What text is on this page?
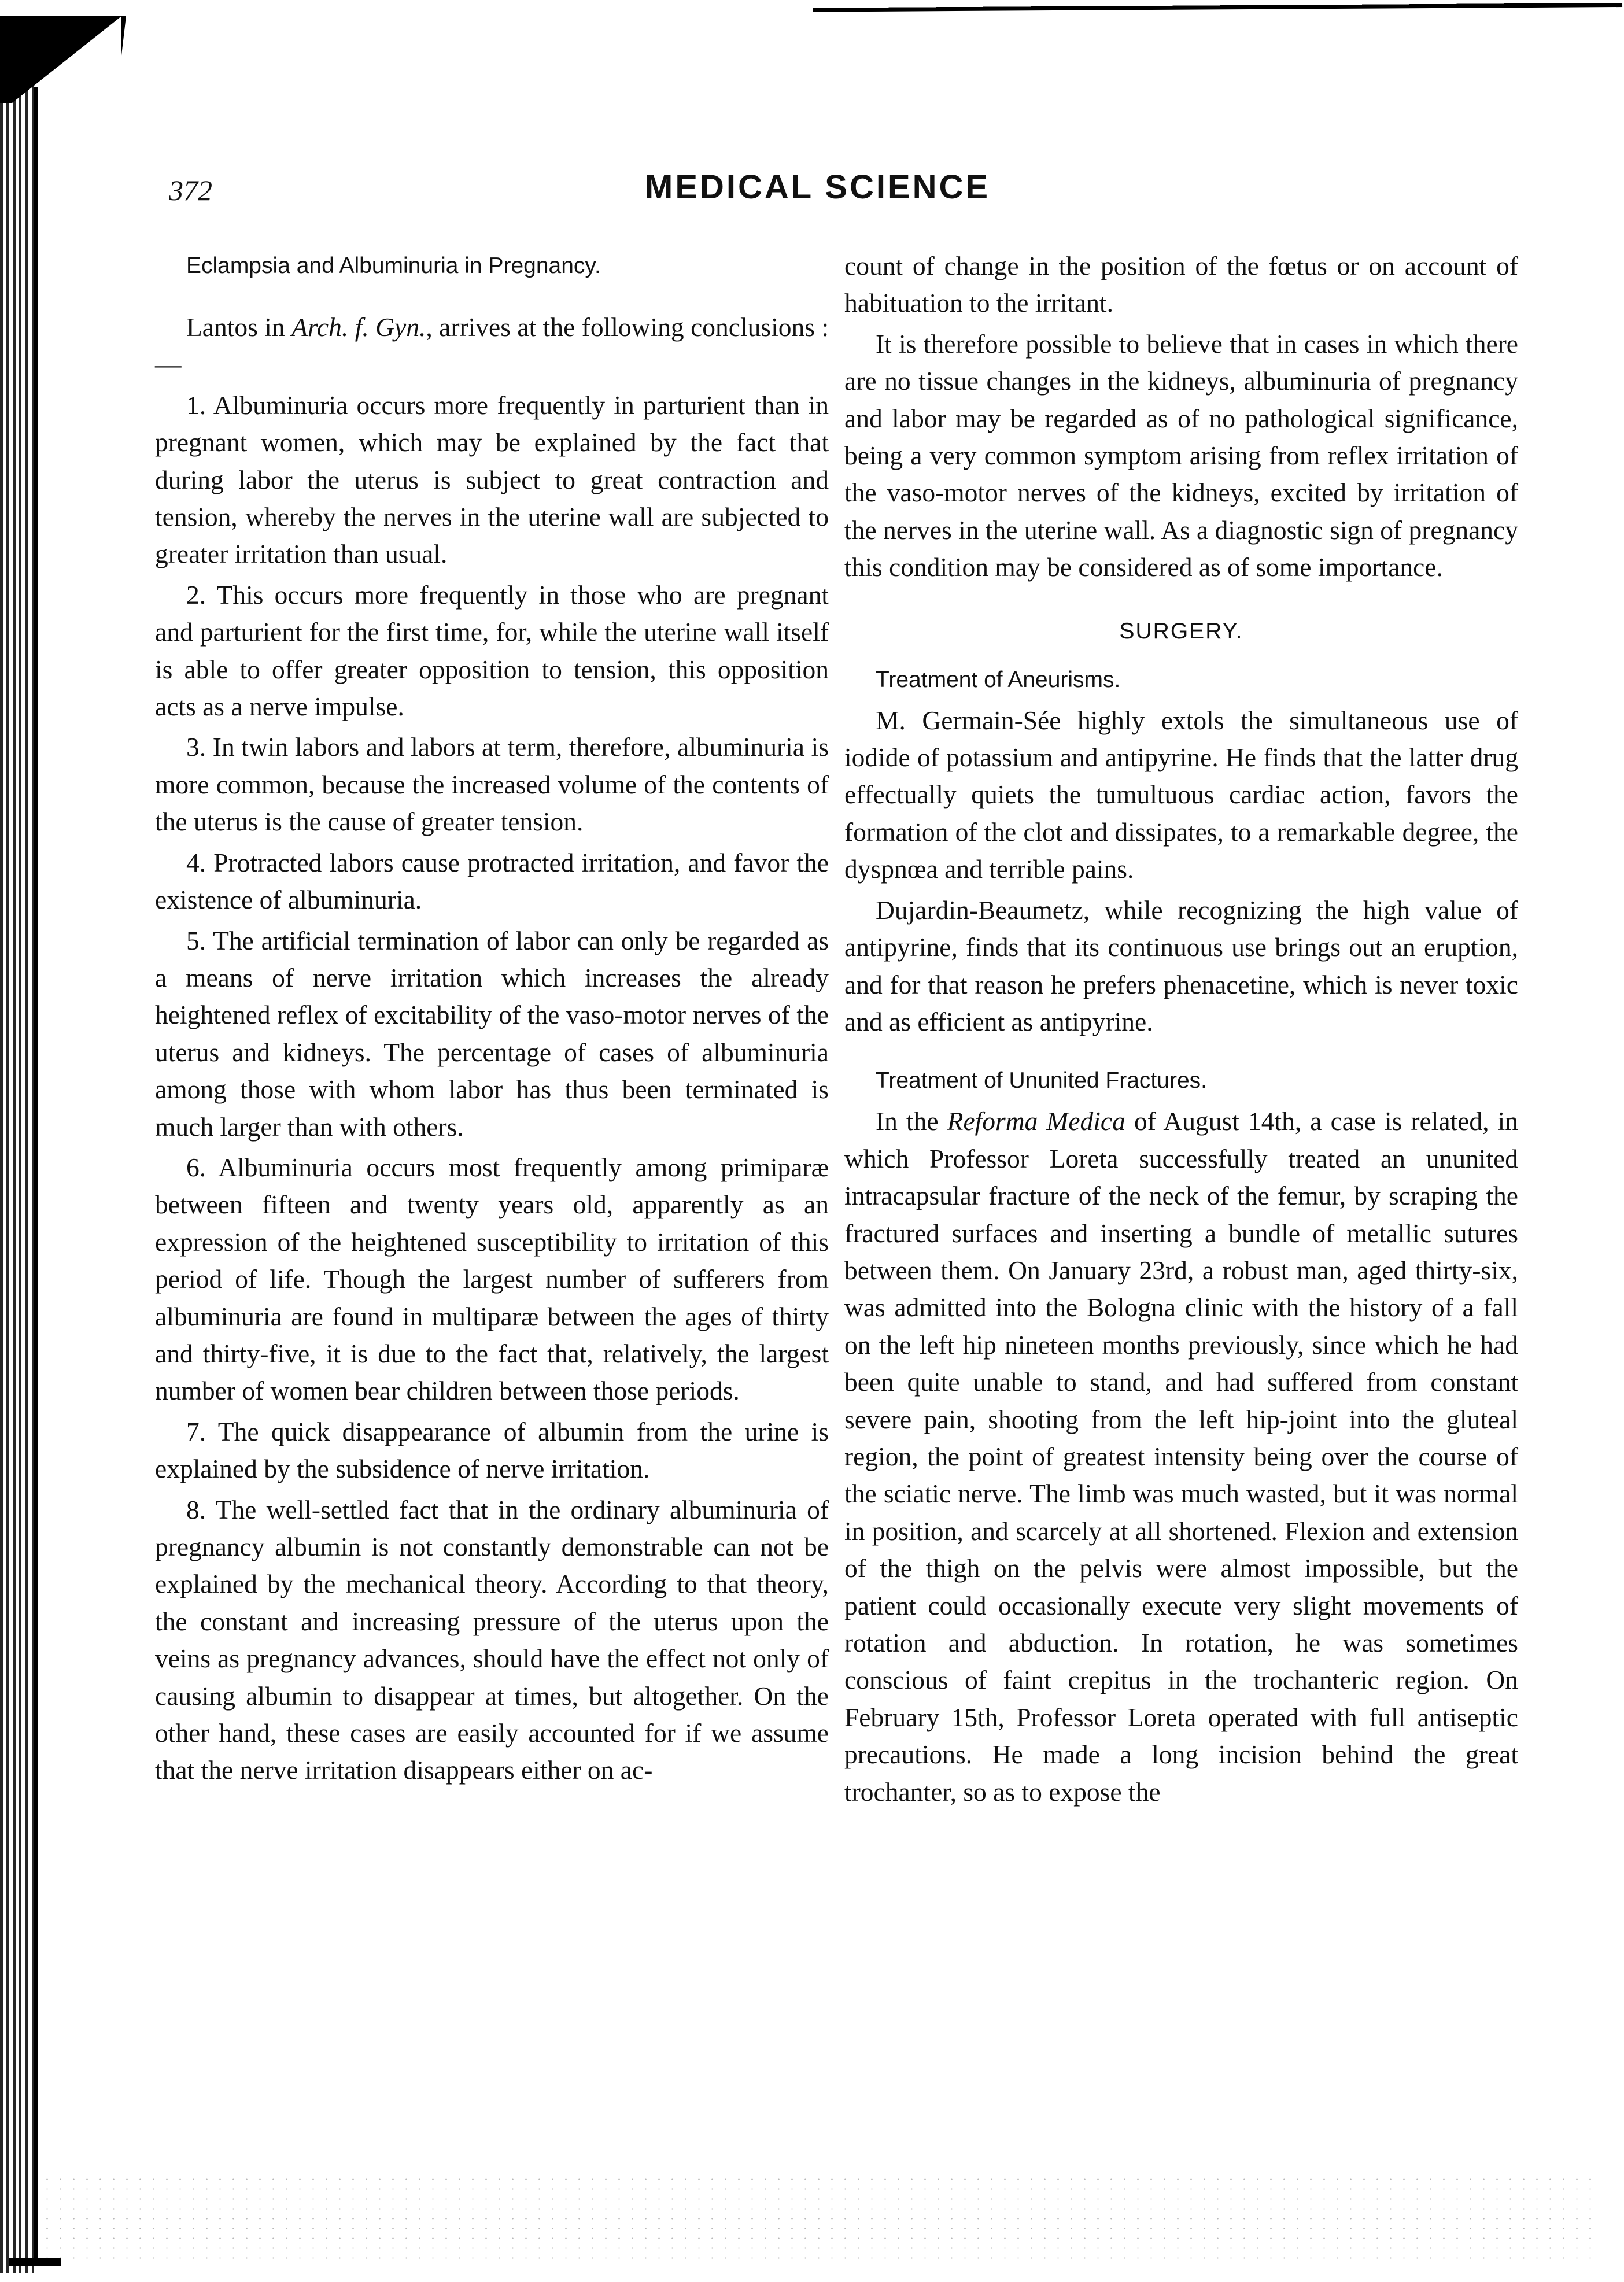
372	MEDICAL SCIENCE

Eclampsia and Albuminuria in Pregnancy.

Lantos in Arch. f. Gyn., arrives at the following conclusions :—

1. Albuminuria occurs more frequently in parturient than in pregnant women, which may be explained by the fact that during labor the uterus is subject to great contraction and tension, whereby the nerves in the uterine wall are subjected to greater irritation than usual.

2. This occurs more frequently in those who are pregnant and parturient for the first time, for, while the uterine wall itself is able to offer greater opposition to tension, this opposition acts as a nerve impulse.

3. In twin labors and labors at term, therefore, albuminuria is more common, because the increased volume of the contents of the uterus is the cause of greater tension.

4. Protracted labors cause protracted irritation, and favor the existence of albuminuria.

5. The artificial termination of labor can only be regarded as a means of nerve irritation which increases the already heightened reflex of excitability of the vaso-motor nerves of the uterus and kidneys. The percentage of cases of albuminuria among those with whom labor has thus been terminated is much larger than with others.

6. Albuminuria occurs most frequently among primiparæ between fifteen and twenty years old, apparently as an expression of the heightened susceptibility to irritation of this period of life. Though the largest number of sufferers from albuminuria are found in multiparæ between the ages of thirty and thirty-five, it is due to the fact that, relatively, the largest number of women bear children between those periods.

7. The quick disappearance of albumin from the urine is explained by the subsidence of nerve irritation.

8. The well-settled fact that in the ordinary albuminuria of pregnancy albumin is not constantly demonstrable can not be explained by the mechanical theory. According to that theory, the constant and increasing pressure of the uterus upon the veins as pregnancy advances, should have the effect not only of causing albumin to disappear at times, but altogether. On the other hand, these cases are easily accounted for if we assume that the nerve irritation disappears either on ac-

count of change in the position of the fœtus or on account of habituation to the irritant.

It is therefore possible to believe that in cases in which there are no tissue changes in the kidneys, albuminuria of pregnancy and labor may be regarded as of no pathological significance, being a very common symptom arising from reflex irritation of the vaso-motor nerves of the kidneys, excited by irritation of the nerves in the uterine wall. As a diagnostic sign of pregnancy this condition may be considered as of some importance.

SURGERY.

Treatment of Aneurisms.

M. Germain-Sée highly extols the simultaneous use of iodide of potassium and antipyrine. He finds that the latter drug effectually quiets the tumultuous cardiac action, favors the formation of the clot and dissipates, to a remarkable degree, the dyspnœa and terrible pains.

Dujardin-Beaumetz, while recognizing the high value of antipyrine, finds that its continuous use brings out an eruption, and for that reason he prefers phenacetine, which is never toxic and as efficient as antipyrine.

Treatment of Ununited Fractures.

In the Reforma Medica of August 14th, a case is related, in which Professor Loreta successfully treated an ununited intracapsular fracture of the neck of the femur, by scraping the fractured surfaces and inserting a bundle of metallic sutures between them. On January 23rd, a robust man, aged thirty-six, was admitted into the Bologna clinic with the history of a fall on the left hip nineteen months previously, since which he had been quite unable to stand, and had suffered from constant severe pain, shooting from the left hip-joint into the gluteal region, the point of greatest intensity being over the course of the sciatic nerve. The limb was much wasted, but it was normal in position, and scarcely at all shortened. Flexion and extension of the thigh on the pelvis were almost impossible, but the patient could occasionally execute very slight movements of rotation and abduction. In rotation, he was sometimes conscious of faint crepitus in the trochanteric region. On February 15th, Professor Loreta operated with full antiseptic precautions. He made a long incision behind the great trochanter, so as to expose the
